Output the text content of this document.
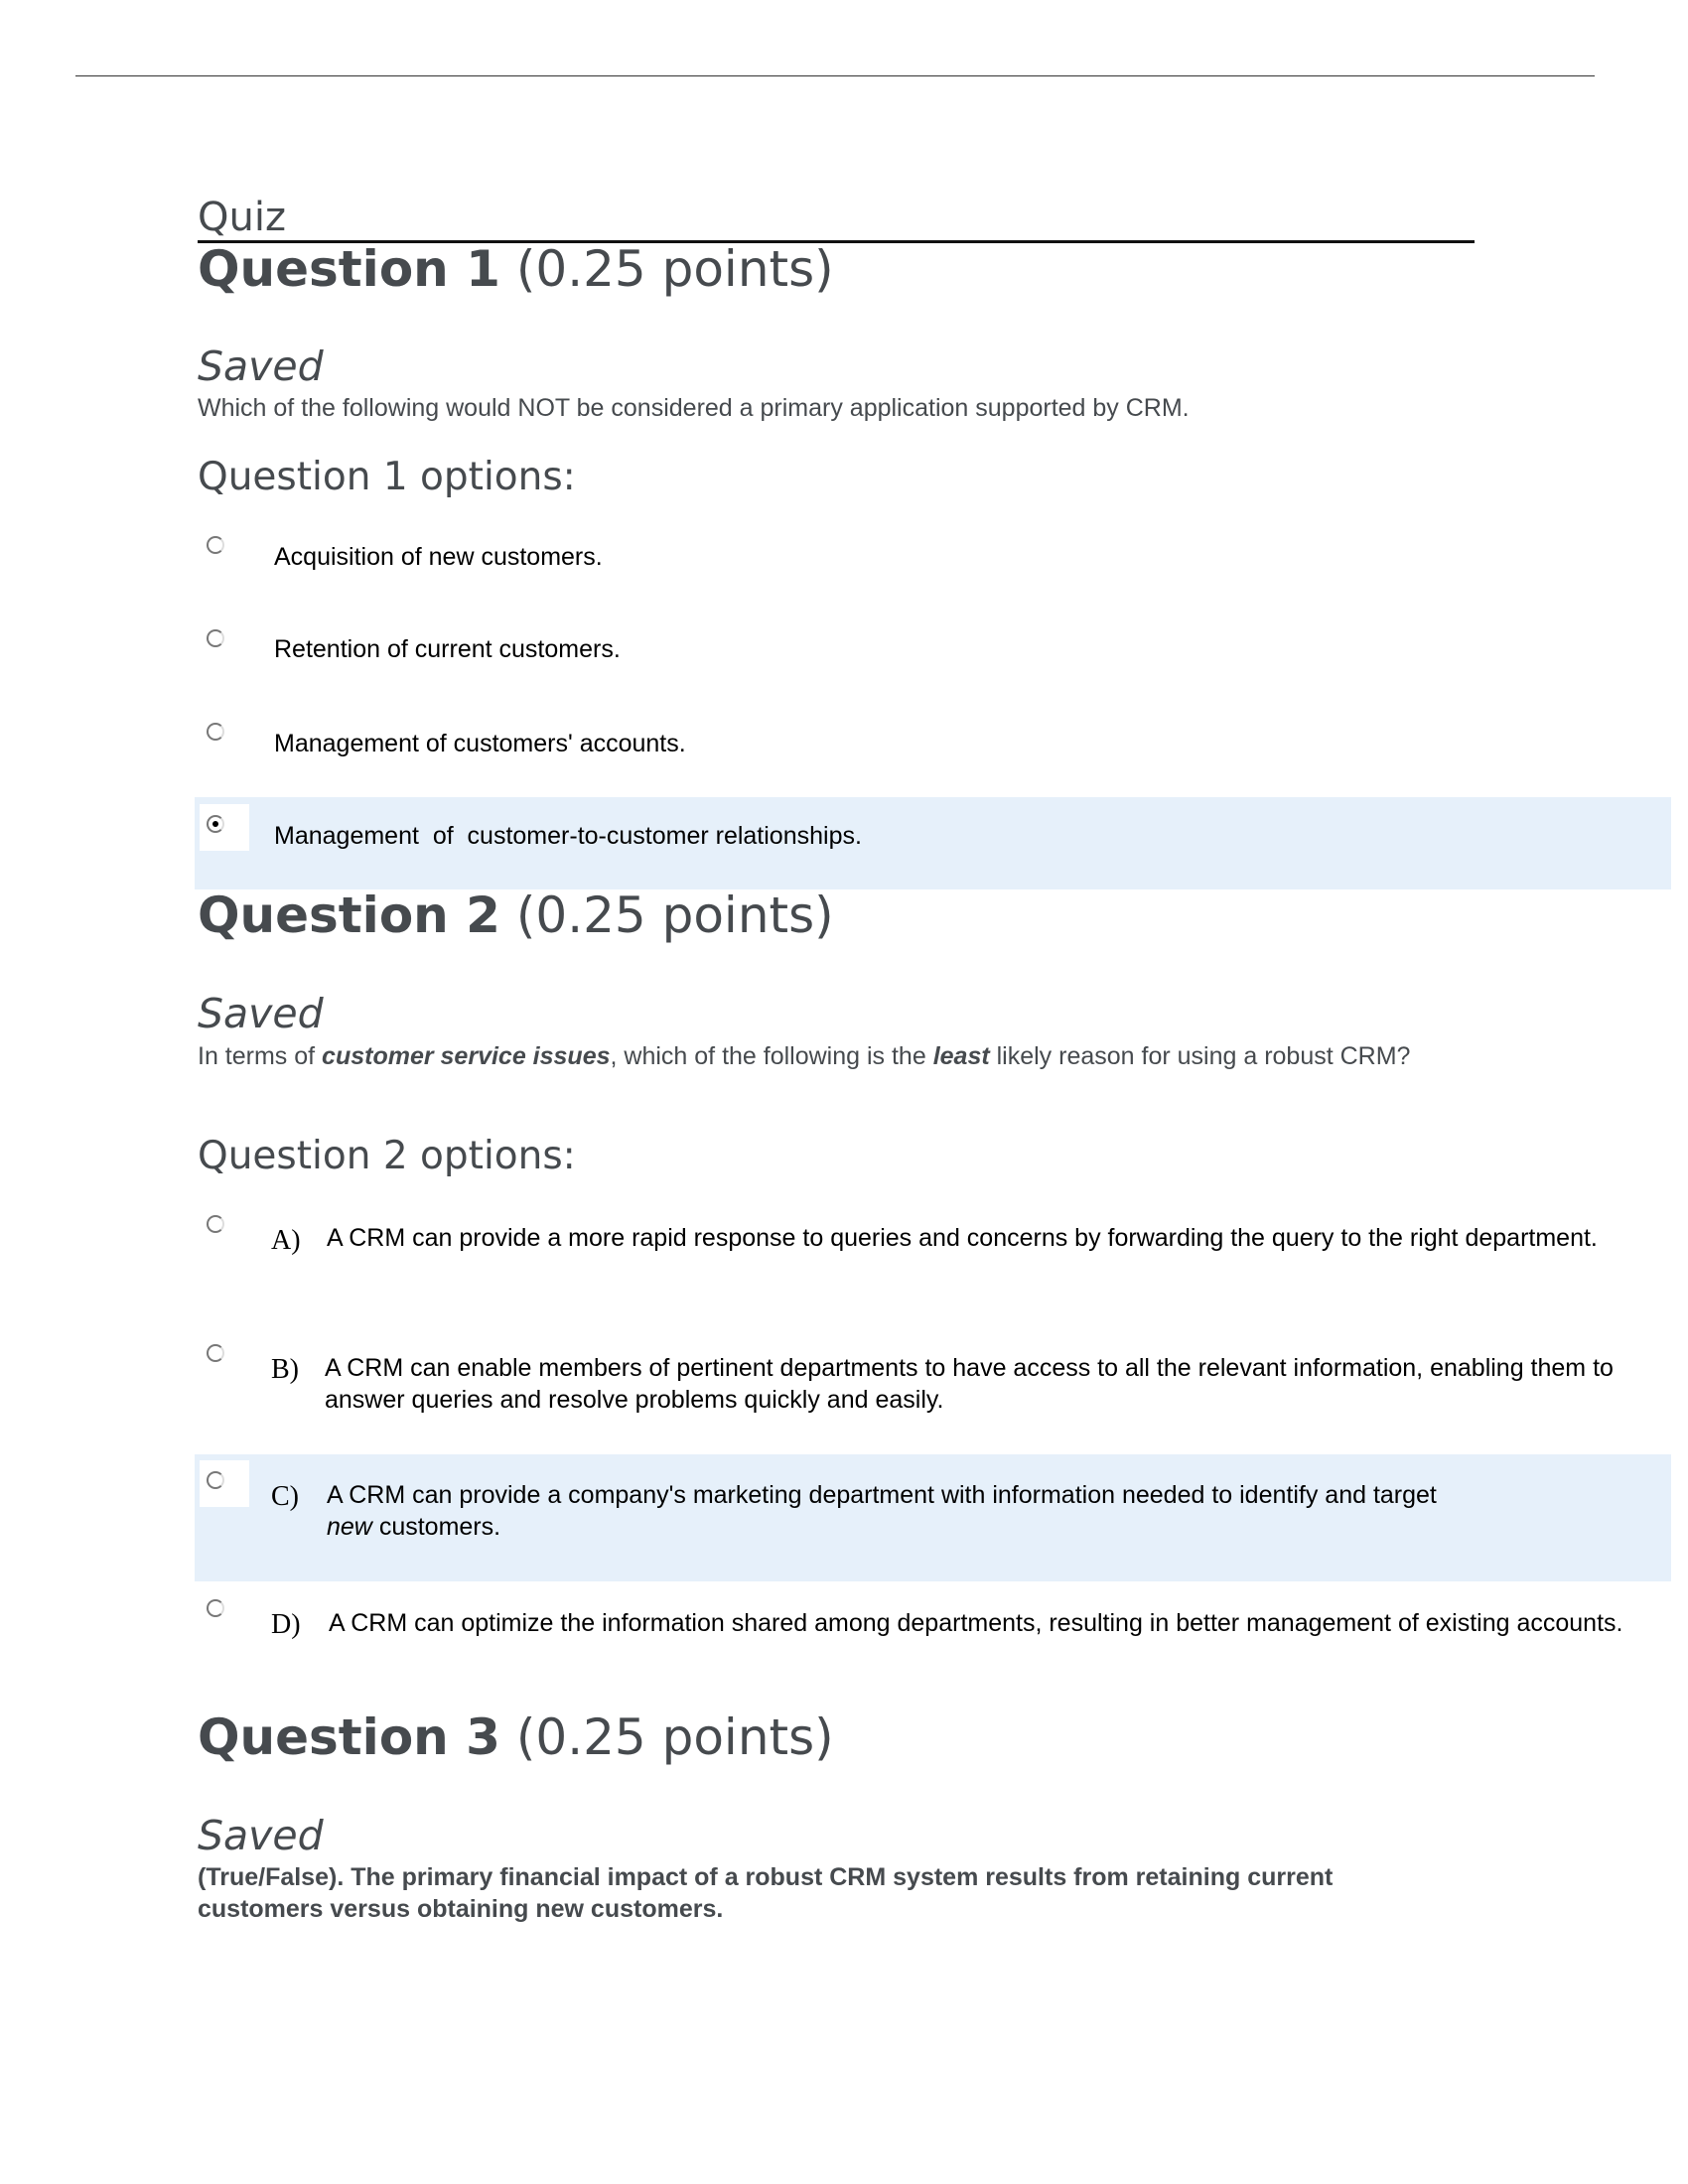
Quiz
Question 1 (0.25 points)
Saved
Which of the following would NOT be considered a primary application supported by CRM.
Question 1 options:
Acquisition of new customers.
Retention of current customers.
Management of customers' accounts.
Management  of  customer-to-customer relationships.
Question 2 (0.25 points)
Saved
In terms of customer service issues, which of the following is the least likely reason for using a robust CRM?
Question 2 options:
A) A CRM can provide a more rapid response to queries and concerns by forwarding the query to the right department.
B) A CRM can enable members of pertinent departments to have access to all the relevant information, enabling them to answer queries and resolve problems quickly and easily.
C) A CRM can provide a company's marketing department with information needed to identify and target new customers.
D) A CRM can optimize the information shared among departments, resulting in better management of existing accounts.
Question 3 (0.25 points)
Saved
(True/False). The primary financial impact of a robust CRM system results from retaining current customers versus obtaining new customers.
